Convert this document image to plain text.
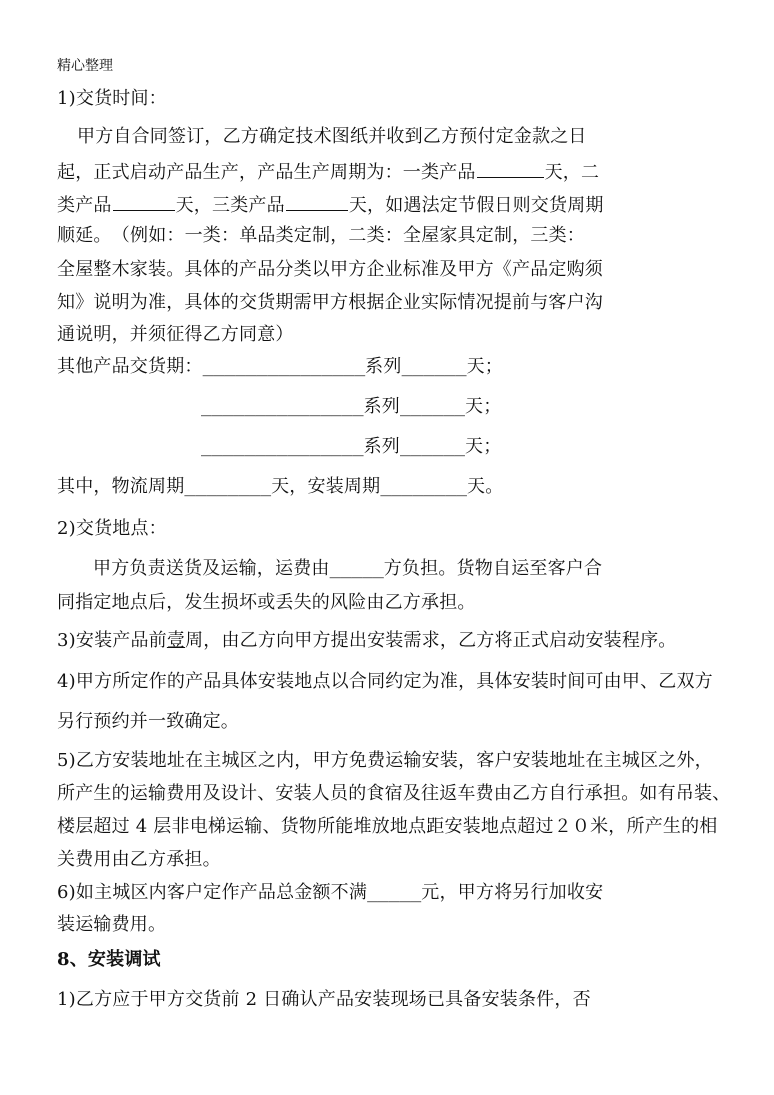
精心整理
1)交货时间：
甲方自合同签订，乙方确定技术图纸并收到乙方预付定金款之日
起，正式启动产品生产，产品生产周期为：一类产品	天，二
类产品	天，三类产品	天，如遇法定节假日则交货周期
顺延。　（例如：一类：单品类定制，二类：全屋家具定制，三类：
全屋整木家装。具体的产品分类以甲方企业标准及甲方《产品定购须
知》说明为准，具体的交货期需甲方根据企业实际情况提前与客户沟
通说明，并须征得乙方同意）
其他产品交货期：_______________系列______天；
_______________系列______天；
_______________系列______天；
其中，物流周期________天，安装周期________天。
2)交货地点：
甲方负责送货及运输，运费由_____方负担。货物自运至客户合
同指定地点后，发生损坏或丢失的风险由乙方承担。
3)安装产品前壹周，由乙方向甲方提出安装需求，乙方将正式启动安装程序。
4)甲方所定作的产品具体安装地点以合同约定为准，具体安装时间可由甲、乙双方
另行预约并一致确定。
5)乙方安装地址在主城区之内，甲方免费运输安装，客户安装地址在主城区之外，
所产生的运输费用及设计、安装人员的食宿及往返车费由乙方自行承担。如有吊装、
楼层超过 4 层非电梯运输、货物所能堆放地点距安装地点超过２０米，所产生的相
关费用由乙方承担。
6)如主城区内客户定作产品总金额不满_____元，甲方将另行加收安
装运输费用。
8、安装调试
1)乙方应于甲方交货前 2 日确认产品安装现场已具备安装条件，否
